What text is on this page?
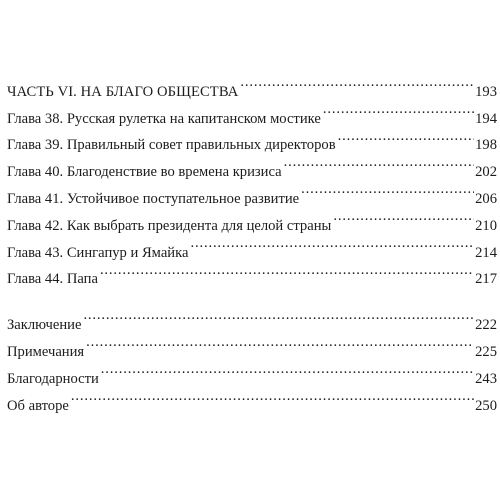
ЧАСТЬ VI. НА БЛАГО ОБЩЕСТВА . . .	193
Глава 38. Русская рулетка на капитанском мостике . . .	194
Глава 39. Правильный совет правильных директоров . . .	198
Глава 40. Благоденствие во времена кризиса . . .	202
Глава 41. Устойчивое поступательное развитие . . .	206
Глава 42. Как выбрать президента для целой страны . . .	210
Глава 43. Сингапур и Ямайка . . .	214
Глава 44. Папа . . .	217
Заключение . . .	222
Примечания . . .	225
Благодарности . . .	243
Об авторе . . .	250
